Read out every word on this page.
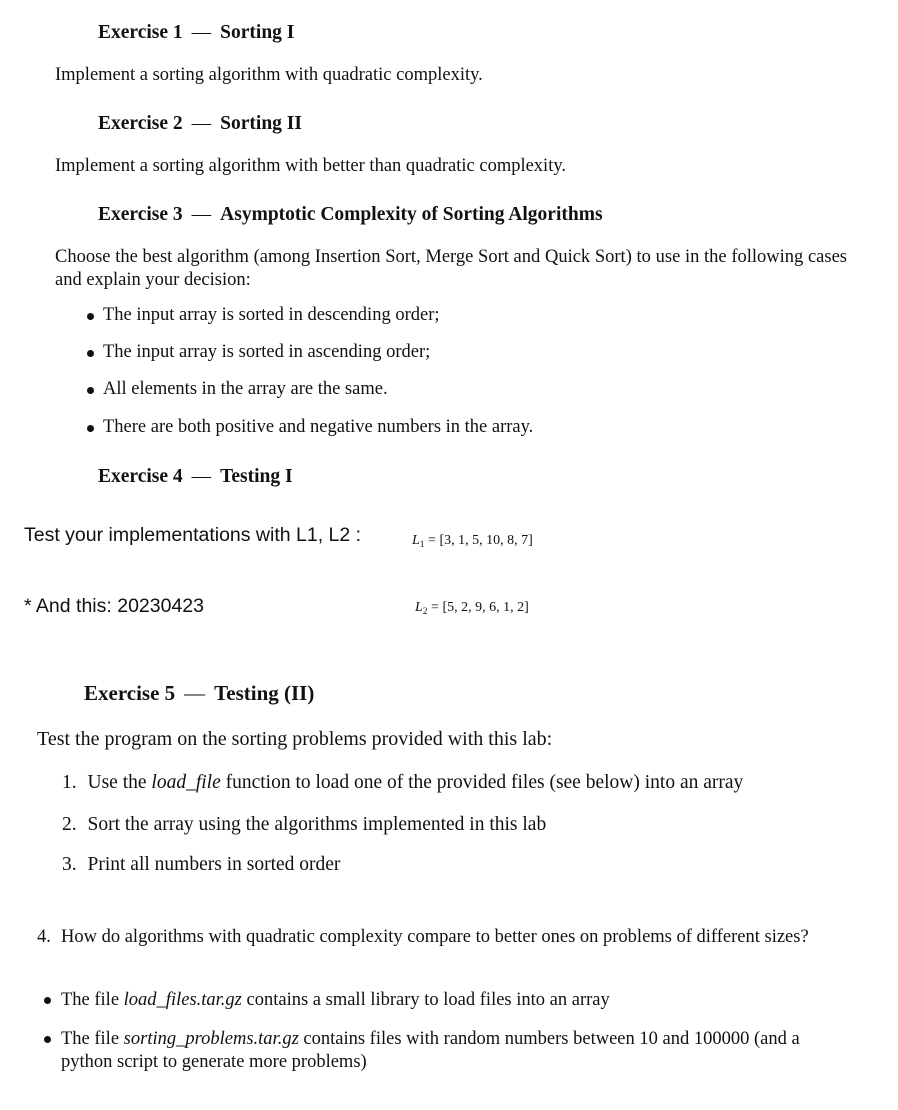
Exercise 1 — Sorting I
Implement a sorting algorithm with quadratic complexity.
Exercise 2 — Sorting II
Implement a sorting algorithm with better than quadratic complexity.
Exercise 3 — Asymptotic Complexity of Sorting Algorithms
Choose the best algorithm (among Insertion Sort, Merge Sort and Quick Sort) to use in the following cases and explain your decision:
The input array is sorted in descending order;
The input array is sorted in ascending order;
All elements in the array are the same.
There are both positive and negative numbers in the array.
Exercise 4 — Testing I
Test your implementations with L1, L2 :	$L_1 = [3$, 1, 5, 10, 8, 7]
* And this: 20230423	$L_2 = [5$, 2, 9, 6, 1, 2]
Exercise 5 — Testing (II)
Test the program on the sorting problems provided with this lab:
1. Use the load_file function to load one of the provided files (see below) into an array
2. Sort the array using the algorithms implemented in this lab
3. Print all numbers in sorted order
4. How do algorithms with quadratic complexity compare to better ones on problems of different sizes?
The file load_files.tar.gz contains a small library to load files into an array
The file sorting_problems.tar.gz contains files with random numbers between 10 and 100000 (and a python script to generate more problems)
